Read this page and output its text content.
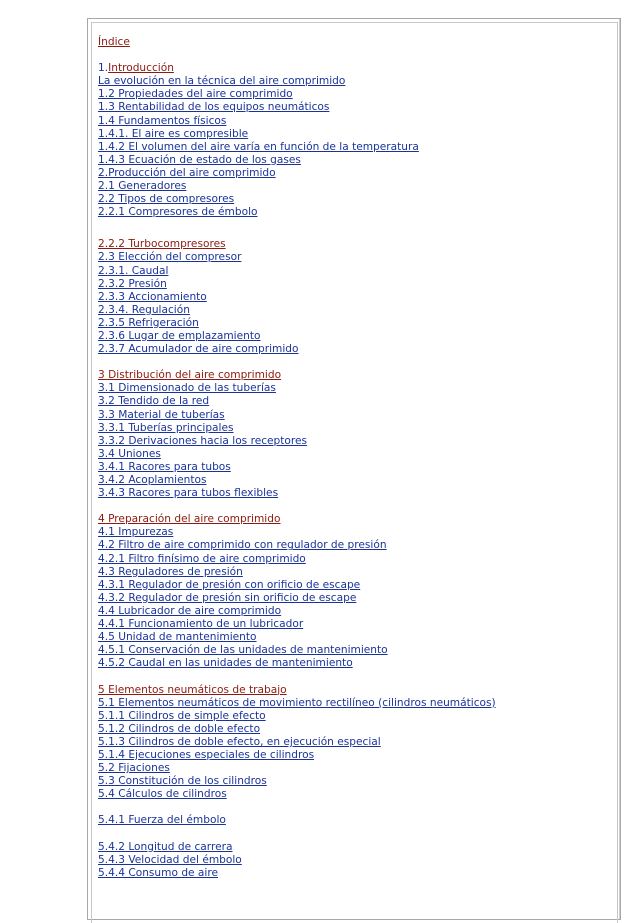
Índice
1.Introducción
La evolución en la técnica del aire comprimido
1.2 Propiedades del aire comprimido
1.3 Rentabilidad de los equipos neumáticos
1.4 Fundamentos físicos
1.4.1. El aire es compresible
1.4.2 El volumen del aire varía en función de la temperatura
1.4.3 Ecuación de estado de los gases
2.Producción del aire comprimido
2.1 Generadores
2.2 Tipos de compresores
2.2.1 Compresores de émbolo
2.2.2 Turbocompresores
2.3 Elección del compresor
2.3.1. Caudal
2.3.2 Presión
2.3.3 Accionamiento
2.3.4. Regulación
2.3.5 Refrigeración
2.3.6 Lugar de emplazamiento
2.3.7 Acumulador de aire comprimido
3 Distribución del aire comprimido
3.1 Dimensionado de las tuberías
3.2 Tendido de la red
3.3 Material de tuberías
3.3.1 Tuberías principales
3.3.2 Derivaciones hacia los receptores
3.4 Uniones
3.4.1 Racores para tubos
3.4.2 Acoplamientos
3.4.3 Racores para tubos flexibles
4 Preparación del aire comprimido
4.1 Impurezas
4.2 Filtro de aire comprimido con regulador de presión
4.2.1 Filtro finísimo de aire comprimido
4.3 Reguladores de presión
4.3.1 Regulador de presión con orificio de escape
4.3.2 Regulador de presión sin orificio de escape
4.4 Lubricador de aire comprimido
4.4.1 Funcionamiento de un lubricador
4.5 Unidad de mantenimiento
4.5.1 Conservación de las unidades de mantenimiento
4.5.2 Caudal en las unidades de mantenimiento
5 Elementos neumáticos de trabajo
5.1 Elementos neumáticos de movimiento rectilíneo (cilindros neumáticos)
5.1.1 Cilindros de simple efecto
5.1.2 Cilindros de doble efecto
5.1.3 Cilindros de doble efecto, en ejecución especial
5.1.4 Ejecuciones especiales de cilindros
5.2 Fijaciones
5.3 Constitución de los cilindros
5.4 Cálculos de cilindros
5.4.1 Fuerza del émbolo
5.4.2 Longitud de carrera
5.4.3 Velocidad del émbolo
5.4.4 Consumo de aire
